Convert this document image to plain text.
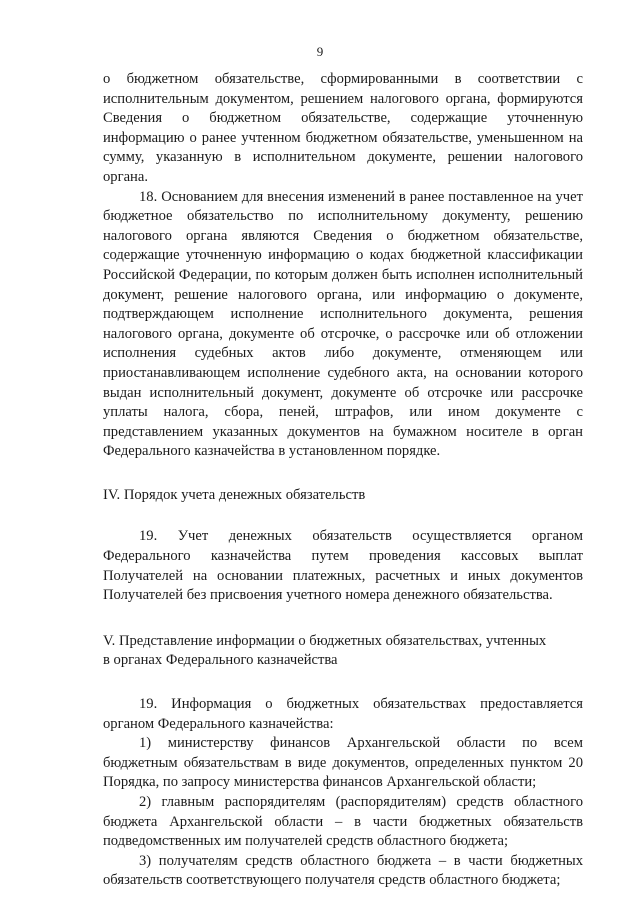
9

о бюджетном обязательстве, сформированными в соответствии с исполнительным документом, решением налогового органа, формируются Сведения о бюджетном обязательстве, содержащие уточненную информацию о ранее учтенном бюджетном обязательстве, уменьшенном на сумму, указанную в исполнительном документе, решении налогового органа.

18. Основанием для внесения изменений в ранее поставленное на учет бюджетное обязательство по исполнительному документу, решению налогового органа являются Сведения о бюджетном обязательстве, содержащие уточненную информацию о кодах бюджетной классификации Российской Федерации, по которым должен быть исполнен исполнительный документ, решение налогового органа, или информацию о документе, подтверждающем исполнение исполнительного документа, решения налогового органа, документе об отсрочке, о рассрочке или об отложении исполнения судебных актов либо документе, отменяющем или приостанавливающем исполнение судебного акта, на основании которого выдан исполнительный документ, документе об отсрочке или рассрочке уплаты налога, сбора, пеней, штрафов, или ином документе с представлением указанных документов на бумажном носителе в орган Федерального казначейства в установленном порядке.

IV. Порядок учета денежных обязательств

19. Учет денежных обязательств осуществляется органом Федерального казначейства путем проведения кассовых выплат Получателей на основании платежных, расчетных и иных документов Получателей без присвоения учетного номера денежного обязательства.

V. Представление информации о бюджетных обязательствах, учтенных

в органах Федерального казначейства

19. Информация о бюджетных обязательствах предоставляется органом Федерального казначейства:

1) министерству финансов Архангельской области по всем бюджетным обязательствам в виде документов, определенных пунктом 20 Порядка, по запросу министерства финансов Архангельской области;

2) главным распорядителям (распорядителям) средств областного бюджета Архангельской области – в части бюджетных обязательств подведомственных им получателей средств областного бюджета;

3) получателям средств областного бюджета – в части бюджетных обязательств соответствующего получателя средств областного бюджета;
